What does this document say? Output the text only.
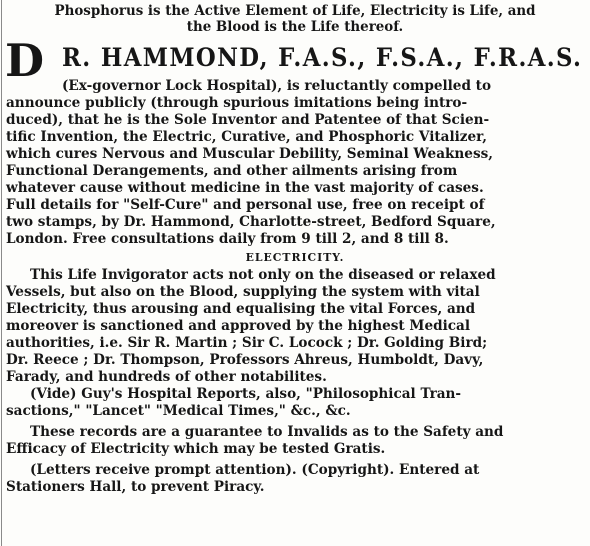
Phosphorus is the Active Element of Life, Electricity is Life, and
the Blood is the Life thereof.
D R. HAMMOND, F.A.S., F.S.A., F.R.A.S.
(Ex-governor Lock Hospital), is reluctantly compelled to
announce publicly (through spurious imitations being intro-
duced), that he is the Sole Inventor and Patentee of that Scien-
tific Invention, the Electric, Curative, and Phosphoric Vitalizer,
which cures Nervous and Muscular Debility, Seminal Weakness,
Functional Derangements, and other ailments arising from
whatever cause without medicine in the vast majority of cases.
Full details for "Self-Cure" and personal use, free on receipt of
two stamps, by Dr. Hammond, Charlotte-street, Bedford Square,
London. Free consultations daily from 9 till 2, and 8 till 8.
ELECTRICITY.
This Life Invigorator acts not only on the diseased or relaxed
Vessels, but also on the Blood, supplying the system with vital
Electricity, thus arousing and equalising the vital Forces, and
moreover is sanctioned and approved by the highest Medical
authorities, i.e. Sir R. Martin ; Sir C. Locock ; Dr. Golding Bird;
Dr. Reece ; Dr. Thompson, Professors Ahreus, Humboldt, Davy,
Farady, and hundreds of other notabilites.
(Vide) Guy's Hospital Reports, also, "Philosophical Tran-
sactions," "Lancet" "Medical Times," &c., &c.
These records are a guarantee to Invalids as to the Safety and
Efficacy of Electricity which may be tested Gratis.
(Letters receive prompt attention). (Copyright). Entered at
Stationers Hall, to prevent Piracy.
